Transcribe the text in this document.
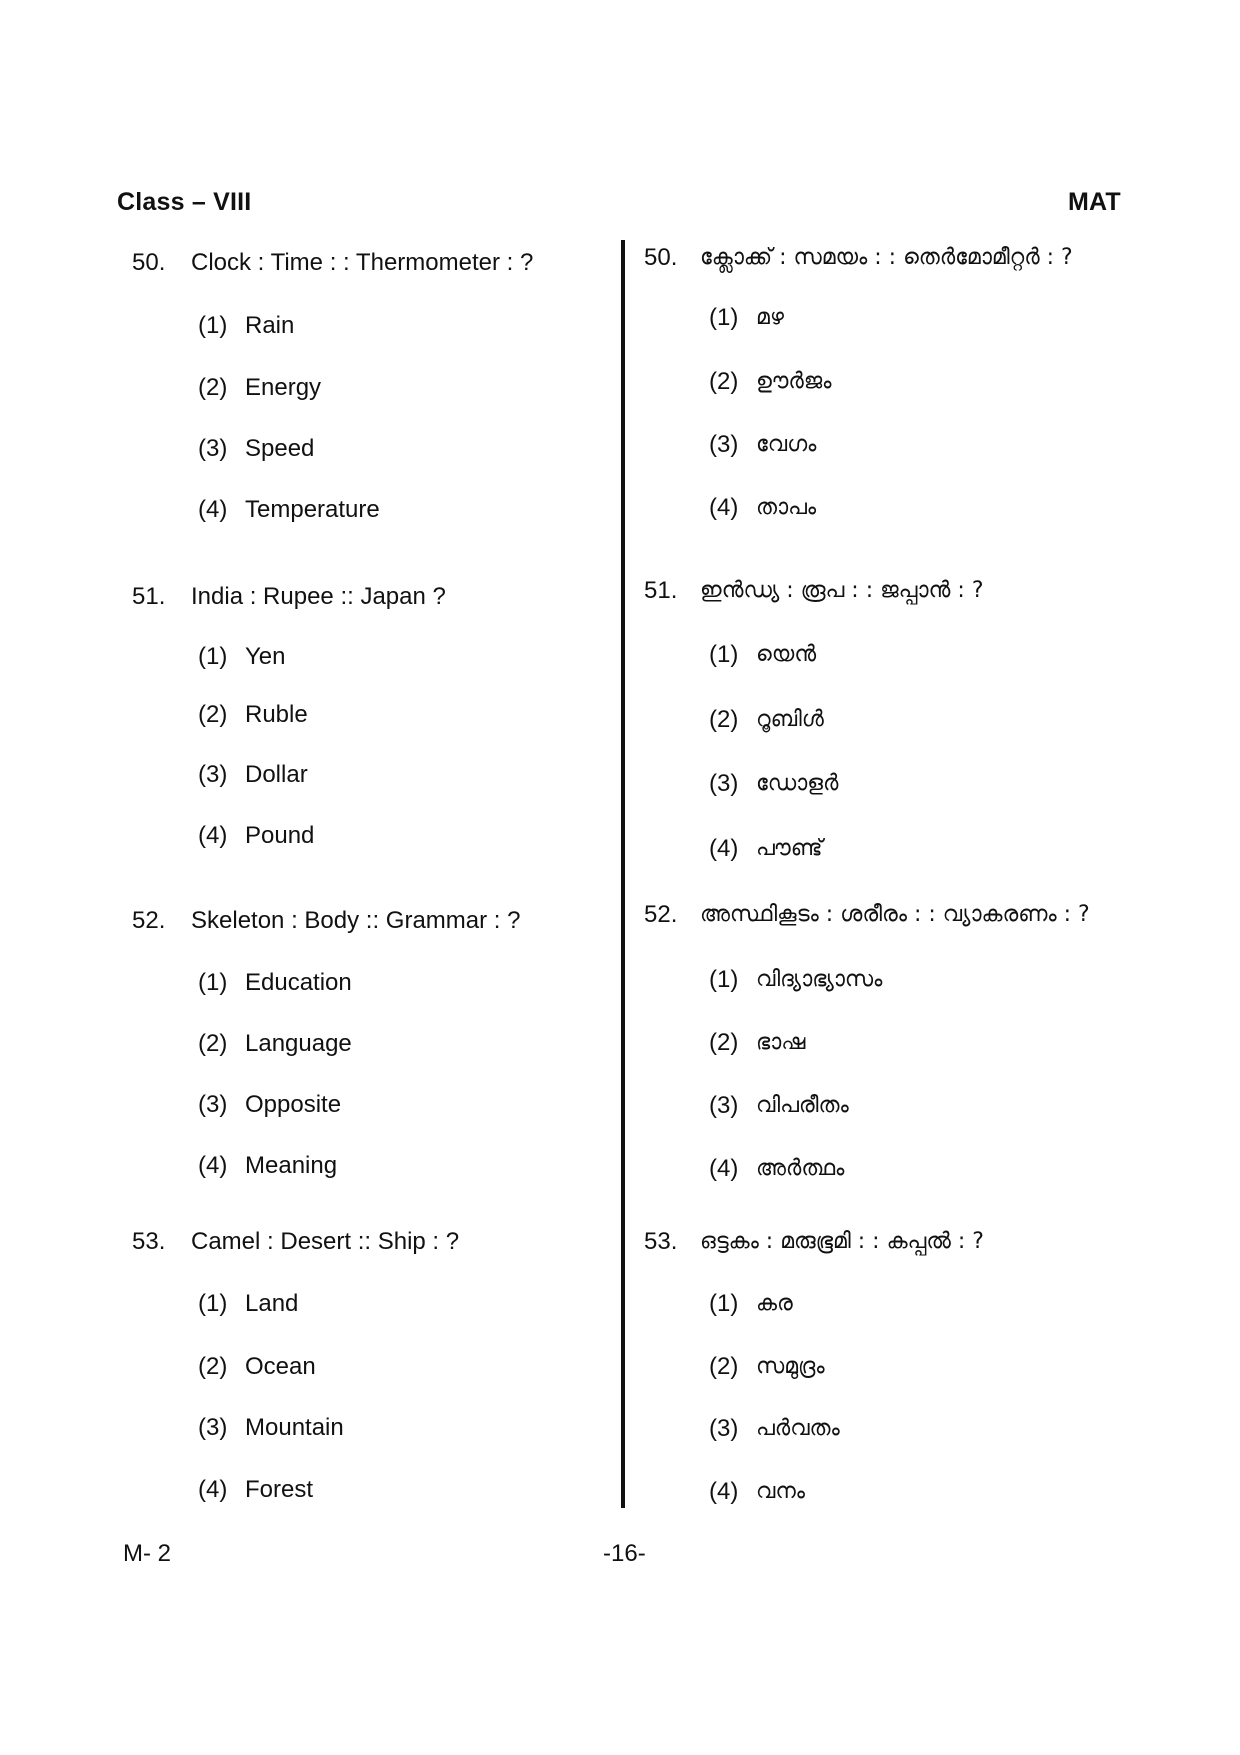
Class – VIII	MAT
50. Clock : Time : : Thermometer : ?
(1) Rain
(2) Energy
(3) Speed
(4) Temperature
51. India : Rupee :: Japan ?
(1) Yen
(2) Ruble
(3) Dollar
(4) Pound
52. Skeleton : Body :: Grammar : ?
(1) Education
(2) Language
(3) Opposite
(4) Meaning
53. Camel : Desert :: Ship : ?
(1) Land
(2) Ocean
(3) Mountain
(4) Forest
50. ക്ലോക്ക് : സമയം : : തെർമോമീറ്റർ : ?
(1) മഴ
(2) ഊർജം
(3) വേഗം
(4) താപം
51. ഇൻഡ്യ : രൂപ : : ജപ്പാൻ : ?
(1) യെൻ
(2) റൂബിൾ
(3) ഡോളർ
(4) പൗണ്ട്
52. അസ്ഥികൂടം : ശരീരം : : വ്യാകരണം : ?
(1) വിദ്യാഭ്യാസം
(2) ഭാഷ
(3) വിപരീതം
(4) അർത്ഥം
53. ഒട്ടകം : മരുഭൂമി : : കപ്പൽ : ?
(1) കര
(2) സമുദ്രം
(3) പർവതം
(4) വനം
M- 2	-16-
